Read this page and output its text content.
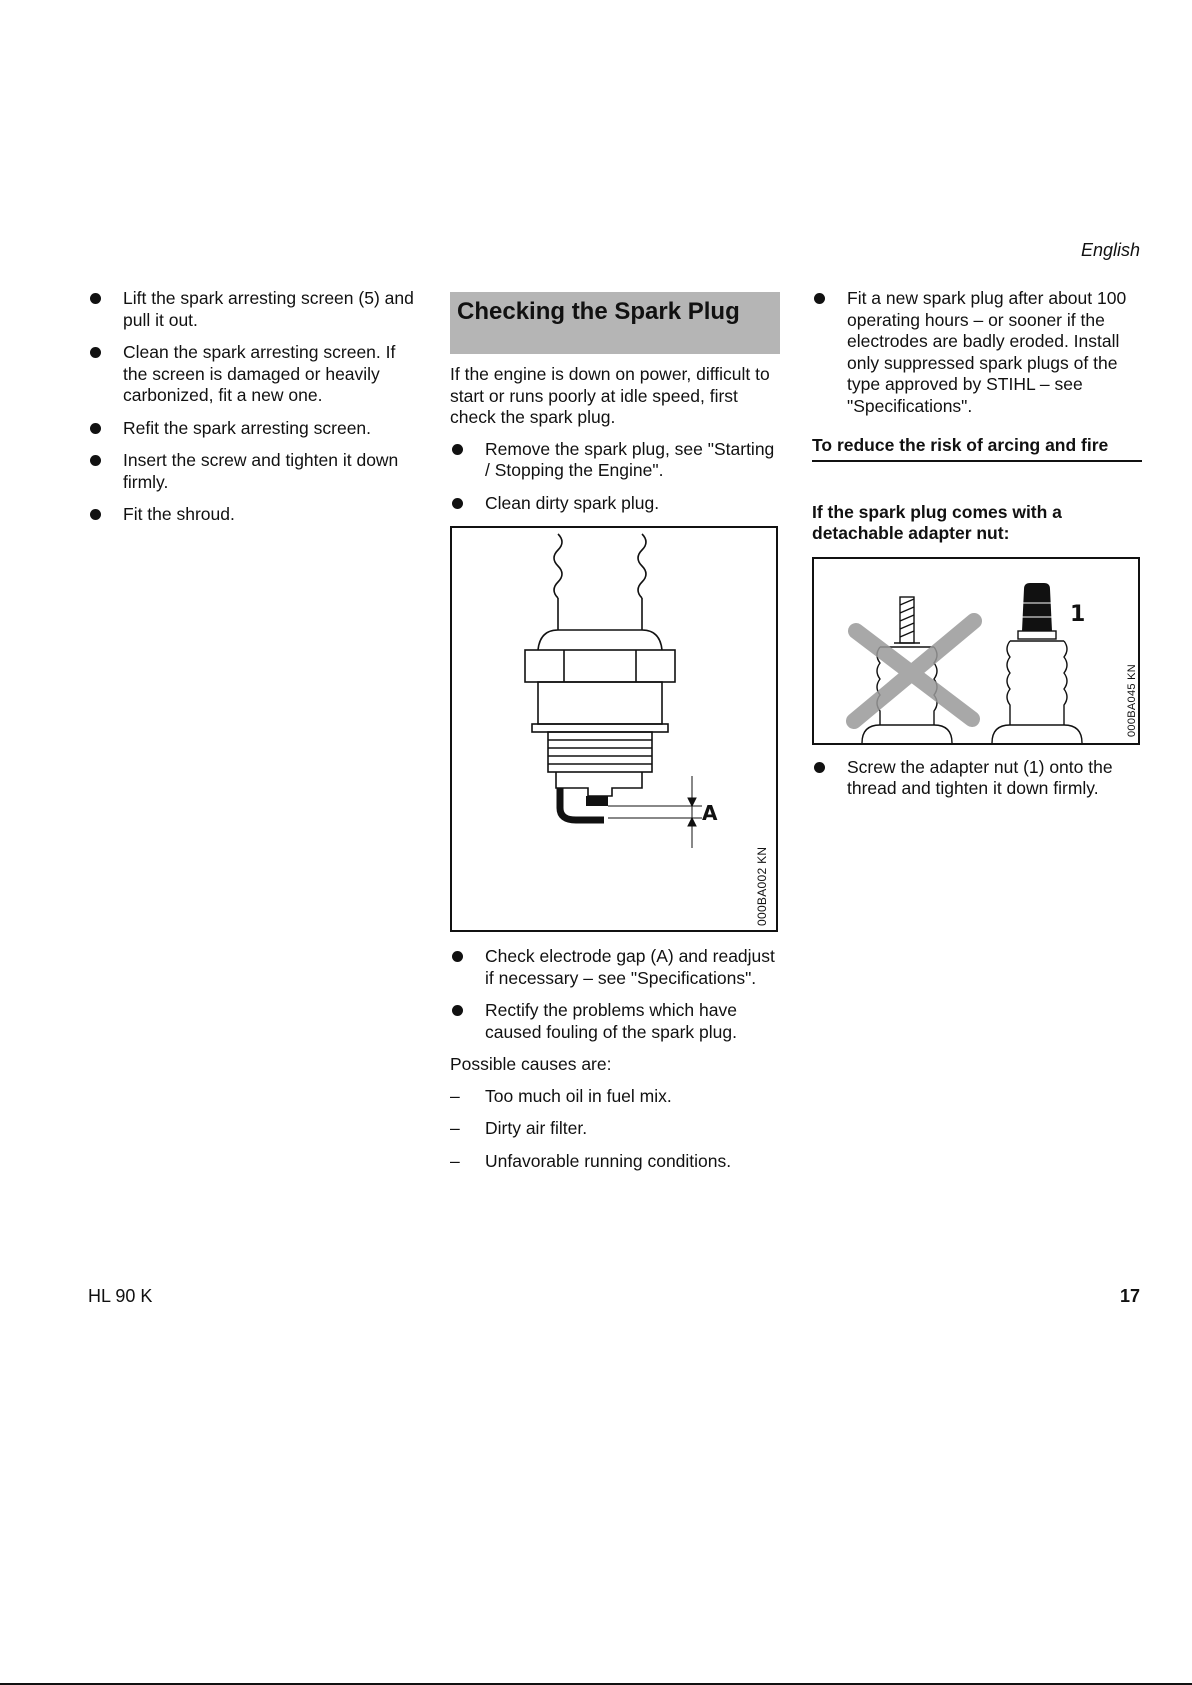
English
Lift the spark arresting screen (5) and pull it out.
Clean the spark arresting screen. If the screen is damaged or heavily carbonized, fit a new one.
Refit the spark arresting screen.
Insert the screw and tighten it down firmly.
Fit the shroud.
Checking the Spark Plug

If the engine is down on power, difficult to start or runs poorly at idle speed, first check the spark plug.

Remove the spark plug, see "Starting / Stopping the Engine".
Clean dirty spark plug.
A
000BA002 KN
Check electrode gap (A) and readjust if necessary – see "Specifications".
Rectify the problems which have caused fouling of the spark plug.

Possible causes are:

– Too much oil in fuel mix.
– Dirty air filter.
– Unfavorable running conditions.
Fit a new spark plug after about 100 operating hours – or sooner if the electrodes are badly eroded. Install only suppressed spark plugs of the type approved by STIHL – see "Specifications".
To reduce the risk of arcing and fire

If the spark plug comes with a detachable adapter nut:

1
000BA045 KN
Screw the adapter nut (1) onto the thread and tighten it down firmly.
HL 90 K	17
